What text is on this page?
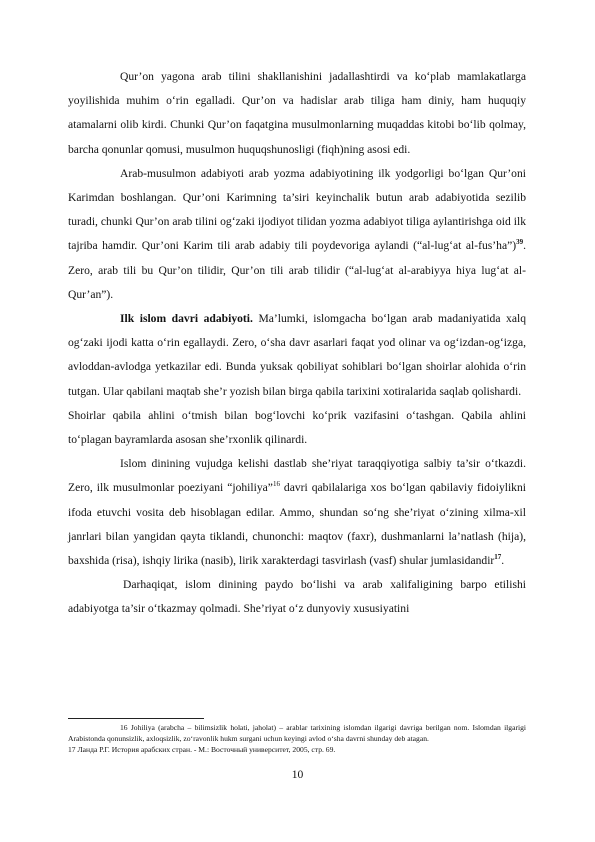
Qur’on yagona arab tilini shakllanishini jadallashtirdi va ko‘plab mamlakatlarga yoyilishida muhim o‘rin egalladi. Qur’on va hadislar arab tiliga ham diniy, ham huquqiy atamalarni olib kirdi. Chunki Qur’on faqatgina musulmonlarning muqaddas kitobi bo‘lib qolmay, barcha qonunlar qomusi, musulmon huquqshunosligi (fiqh)ning asosi edi.

Arab-musulmon adabiyoti arab yozma adabiyotining ilk yodgorligi bo‘lgan Qur’oni Karimdan boshlangan. Qur’oni Karimning ta’siri keyinchalik butun arab adabiyotida sezilib turadi, chunki Qur’on arab tilini og‘zaki ijodiyot tilidan yozma adabiyot tiliga aylantirishga oid ilk tajriba hamdir. Qur’oni Karim tili arab adabiy tili poydevoriga aylandi (“al-lug‘at al-fus’ha”)$^{39}$. Zero, arab tili bu Qur’on tilidir, Qur’on tili arab tilidir (“al-lug‘at al-arabiyya hiya lug‘at al-Qur’an”).

Ilk islom davri adabiyoti. Ma’lumki, islomgacha bo‘lgan arab madaniyatida xalq og‘zaki ijodi katta o‘rin egallaydi. Zero, o‘sha davr asarlari faqat yod olinar va og‘izdan-og‘izga, avloddan-avlodga yetkazilar edi. Bunda yuksak qobiliyat sohiblari bo‘lgan shoirlar alohida o‘rin tutgan. Ular qabilani maqtab she’r yozish bilan birga qabila tarixini xotiralarida saqlab qolishardi.

Shoirlar qabila ahlini o‘tmish bilan bog‘lovchi ko‘prik vazifasini o‘tashgan. Qabila ahlini to‘plagan bayramlarda asosan she’rxonlik qilinardi.

Islom dinining vujudga kelishi dastlab she’riyat taraqqiyotiga salbiy ta’sir o‘tkazdi. Zero, ilk musulmonlar poeziyani “johiliya”$^{16}$ davri qabilalariga xos bo‘lgan qabilaviy fidoiylikni ifoda etuvchi vosita deb hisoblagan edilar. Ammo, shundan so‘ng she’riyat o‘zining xilma-xil janrlari bilan yangidan qayta tiklandi, chunonchi: maqtov (faxr), dushmanlarni la’natlash (hija), baxshida (risa), ishqiy lirika (nasib), lirik xarakterdagi tasvirlash (vasf) shular jumlasidandir$^{17}$.

Darhaqiqat, islom dinining paydo bo‘lishi va arab xalifaligining barpo etilishi adabiyotga ta’sir o‘tkazmay qolmadi. She’riyat o‘z dunyoviy xususiyatini

16 Johiliya (arabcha – bilimsizlik holati, jaholat) – arablar tarixining islomdan ilgarigi davriga berilgan nom. Islomdan ilgarigi Arabistonda qonunsizlik, axloqsizlik, zo‘ravonlik hukm surgani uchun keyingi avlod o‘sha davrni shunday deb atagan.

17 Ланда Р.Г. История арабских стран. - М.: Восточный университет, 2005, стр. 69.

10
